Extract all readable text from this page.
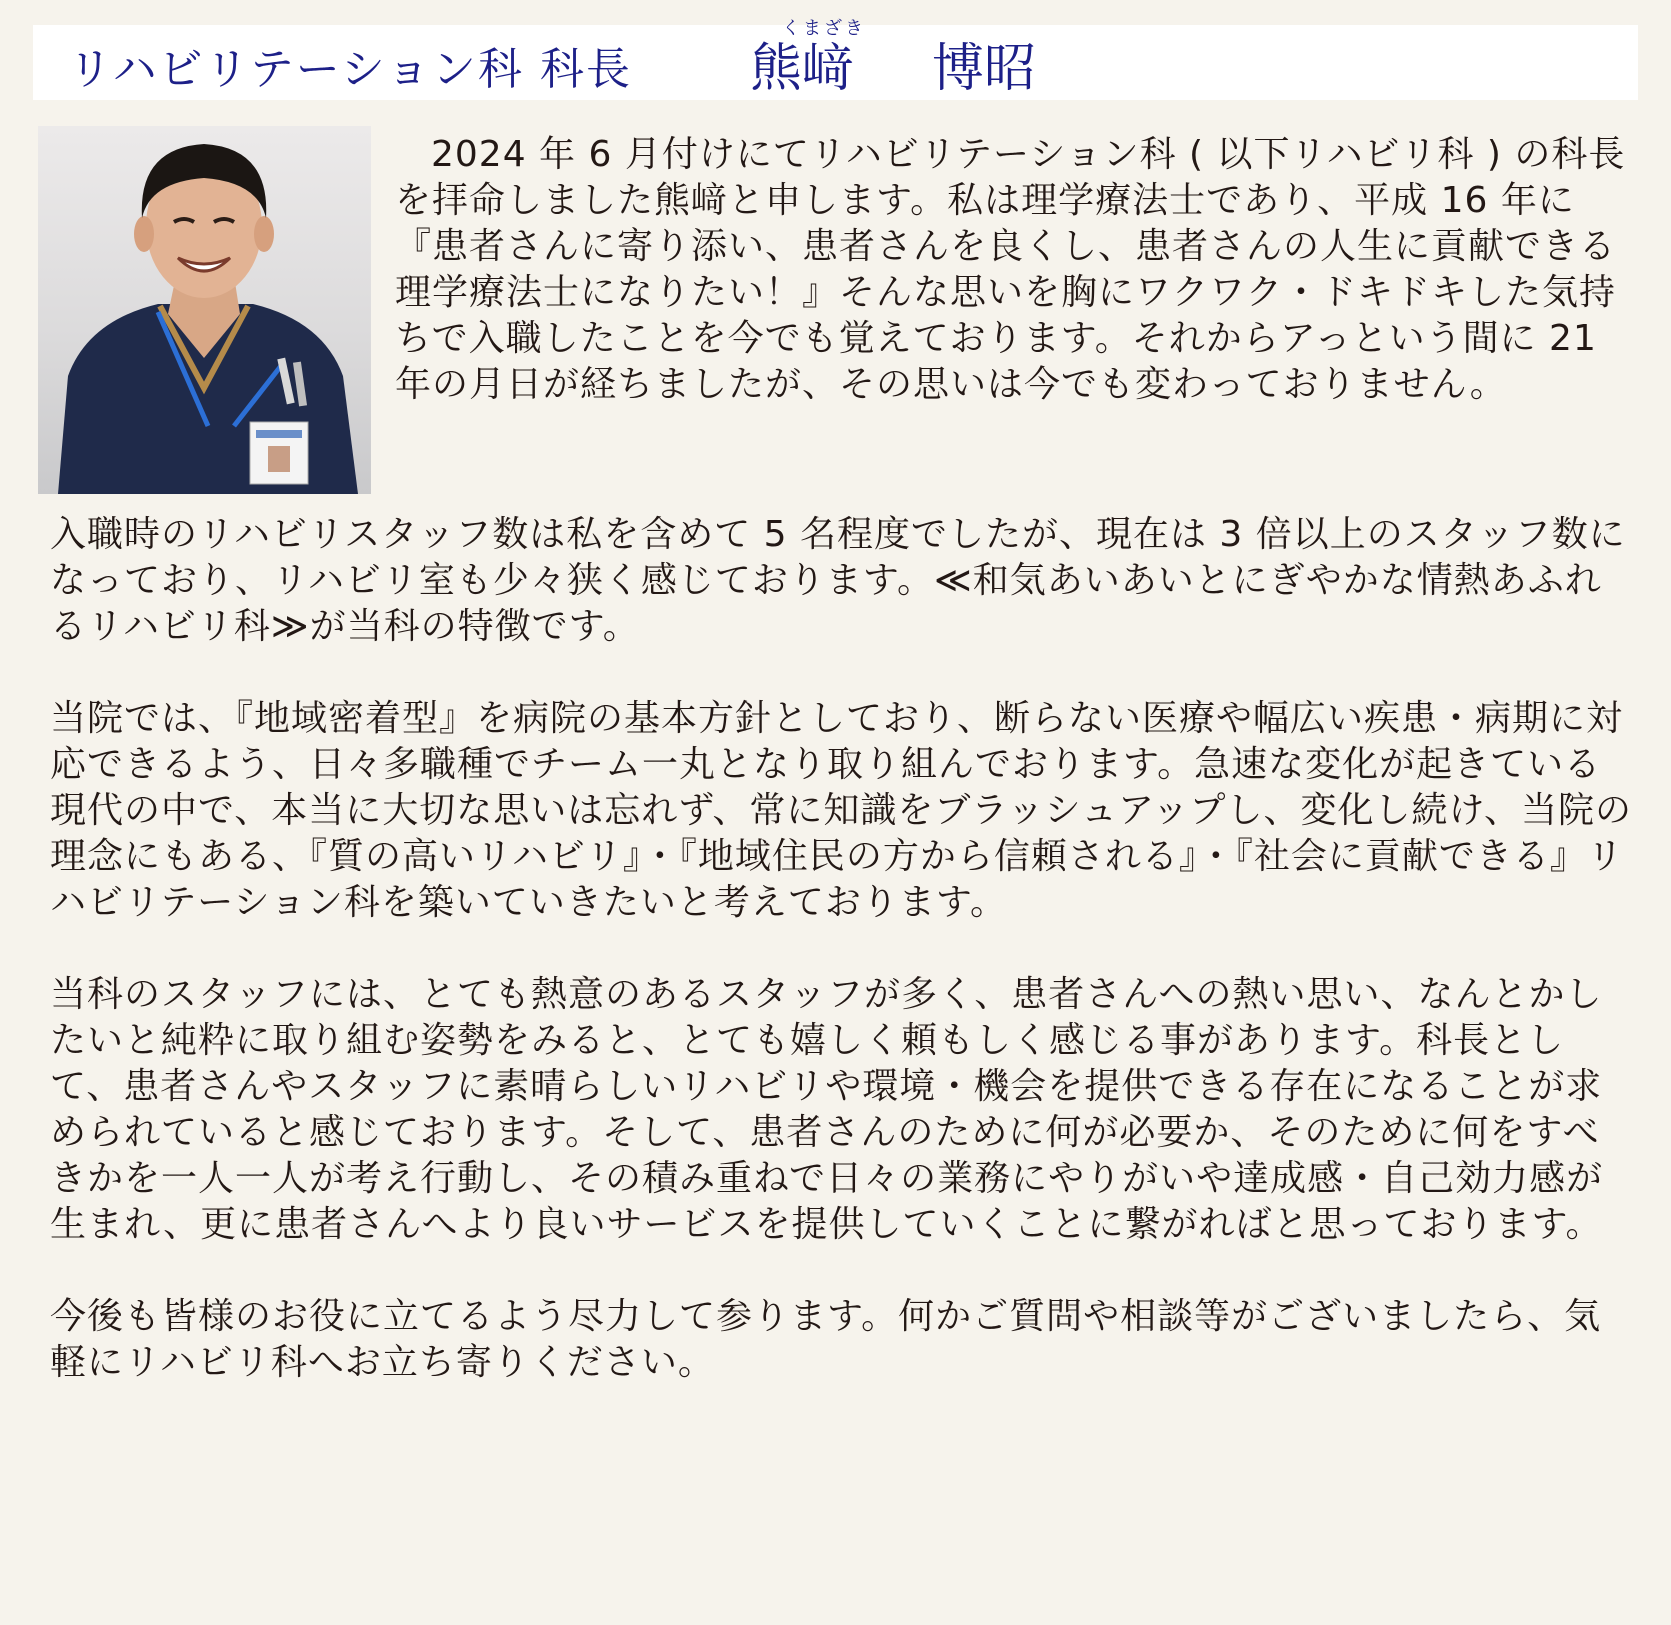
リハビリテーション科 科長
くまざき
熊﨑 博昭

2024 年 6 月付けにてリハビリテーション科 ( 以下リハビリ科 ) の科長を拝命しました熊﨑と申します。私は理学療法士であり、平成 16 年に『患者さんに寄り添い、患者さんを良くし、患者さんの人生に貢献できる理学療法士になりたい！』そんな思いを胸にワクワク・ドキドキした気持ちで入職したことを今でも覚えております。それからアっという間に 21 年の月日が経ちましたが、その思いは今でも変わっておりません。

入職時のリハビリスタッフ数は私を含めて 5 名程度でしたが、現在は 3 倍以上のスタッフ数になっており、リハビリ室も少々狭く感じております。≪和気あいあいとにぎやかな情熱あふれるリハビリ科≫が当科の特徴です。

当院では、『地域密着型』を病院の基本方針としており、断らない医療や幅広い疾患・病期に対応できるよう、日々多職種でチーム一丸となり取り組んでおります。急速な変化が起きている現代の中で、本当に大切な思いは忘れず、常に知識をブラッシュアップし、変化し続け、当院の理念にもある、『質の高いリハビリ』・『地域住民の方から信頼される』・『社会に貢献できる』リハビリテーション科を築いていきたいと考えております。

当科のスタッフには、とても熱意のあるスタッフが多く、患者さんへの熱い思い、なんとかしたいと純粋に取り組む姿勢をみると、とても嬉しく頼もしく感じる事があります。科長として、患者さんやスタッフに素晴らしいリハビリや環境・機会を提供できる存在になることが求められていると感じております。そして、患者さんのために何が必要か、そのために何をすべきかを一人一人が考え行動し、その積み重ねで日々の業務にやりがいや達成感・自己効力感が生まれ、更に患者さんへより良いサービスを提供していくことに繋がればと思っております。

今後も皆様のお役に立てるよう尽力して参ります。何かご質問や相談等がございましたら、気軽にリハビリ科へお立ち寄りください。
